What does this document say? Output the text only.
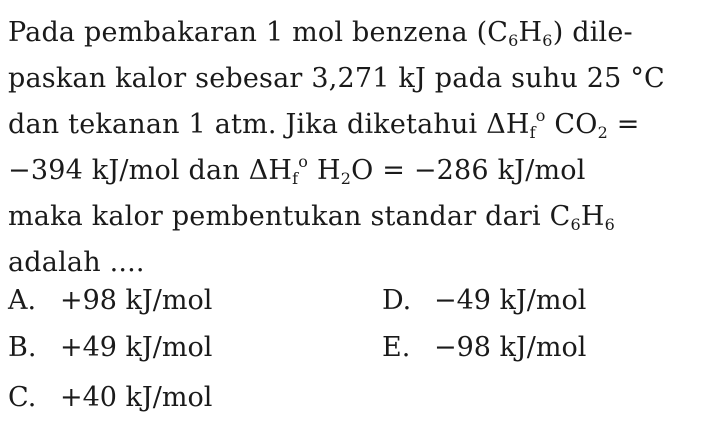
Pada pembakaran 1 mol benzena $(C_6H_6)$ dile-
paskan kalor sebesar 3,271 kJ pada suhu 25 °C
dan tekanan 1 atm. Jika diketahui $\Delta H_f^o$ $CO_2$ =
−394 kJ/mol dan $\Delta H_f^o$ $H_2O = -286$ kJ/mol
maka kalor pembentukan standar dari $C_6H_6$
adalah ....
A. +98 kJ/mol
B. +49 kJ/mol
C. +40 kJ/mol
D. −49 kJ/mol
E. −98 kJ/mol
